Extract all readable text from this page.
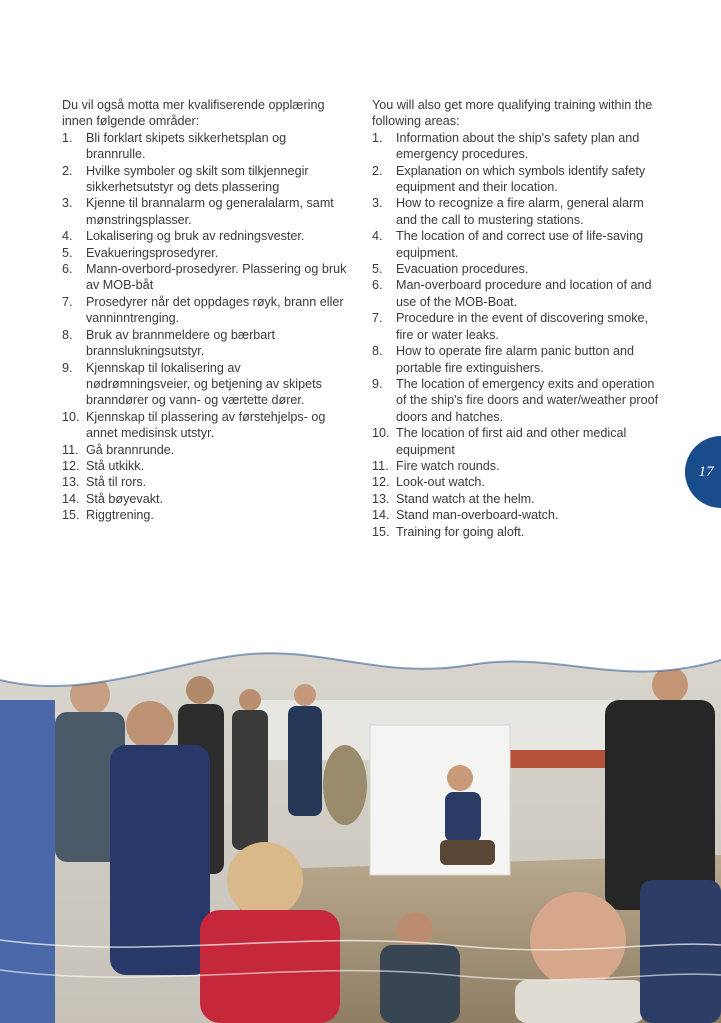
Du vil også motta mer kvalifiserende opplæring innen følgende områder:

1.	Bli forklart skipets sikkerhetsplan og brannrulle.
2.	Hvilke symboler og skilt som tilkjennegir sikkerhetsutstyr og dets plassering
3.	Kjenne til brannalarm og generalalarm, samt mønstringsplasser.
4.	Lokalisering og bruk av redningsvester.
5.	Evakueringsprosedyrer.
6.	Mann-overbord-prosedyrer. Plassering og bruk av MOB-båt
7.	Prosedyrer når det oppdages røyk, brann eller vanninntrenging.
8.	Bruk av brannmeldere og bærbart brannslukningsutstyr.
9.	Kjennskap til lokalisering av nødrømningsveier, og betjening av skipets branndører og vann- og værtette dører.
10. Kjennskap til plassering av førstehjelps- og annet medisinsk utstyr.
11. Gå brannrunde.
12. Stå utkikk.
13. Stå til rors.
14. Stå bøyevakt.
15. Riggtrening.

You will also get more qualifying training within the following areas:

1.	Information about the ship's safety plan and emergency procedures.
2.	Explanation on which symbols identify safety equipment and their location.
3.	How to recognize a fire alarm, general alarm and the call to mustering stations.
4.	The location of and correct use of life-saving equipment.
5.	Evacuation procedures.
6.	Man-overboard procedure and location of and use of the MOB-Boat.
7.	Procedure in the event of discovering smoke, fire or water leaks.
8.	How to operate fire alarm panic button and portable fire extinguishers.
9.	The location of emergency exits and operation of the ship's fire doors and water/weather proof doors and hatches.
10. The location of first aid and other medical equipment
11. Fire watch rounds.
12. Look-out watch.
13. Stand watch at the helm.
14. Stand man-overboard-watch.
15. Training for going aloft.
17
